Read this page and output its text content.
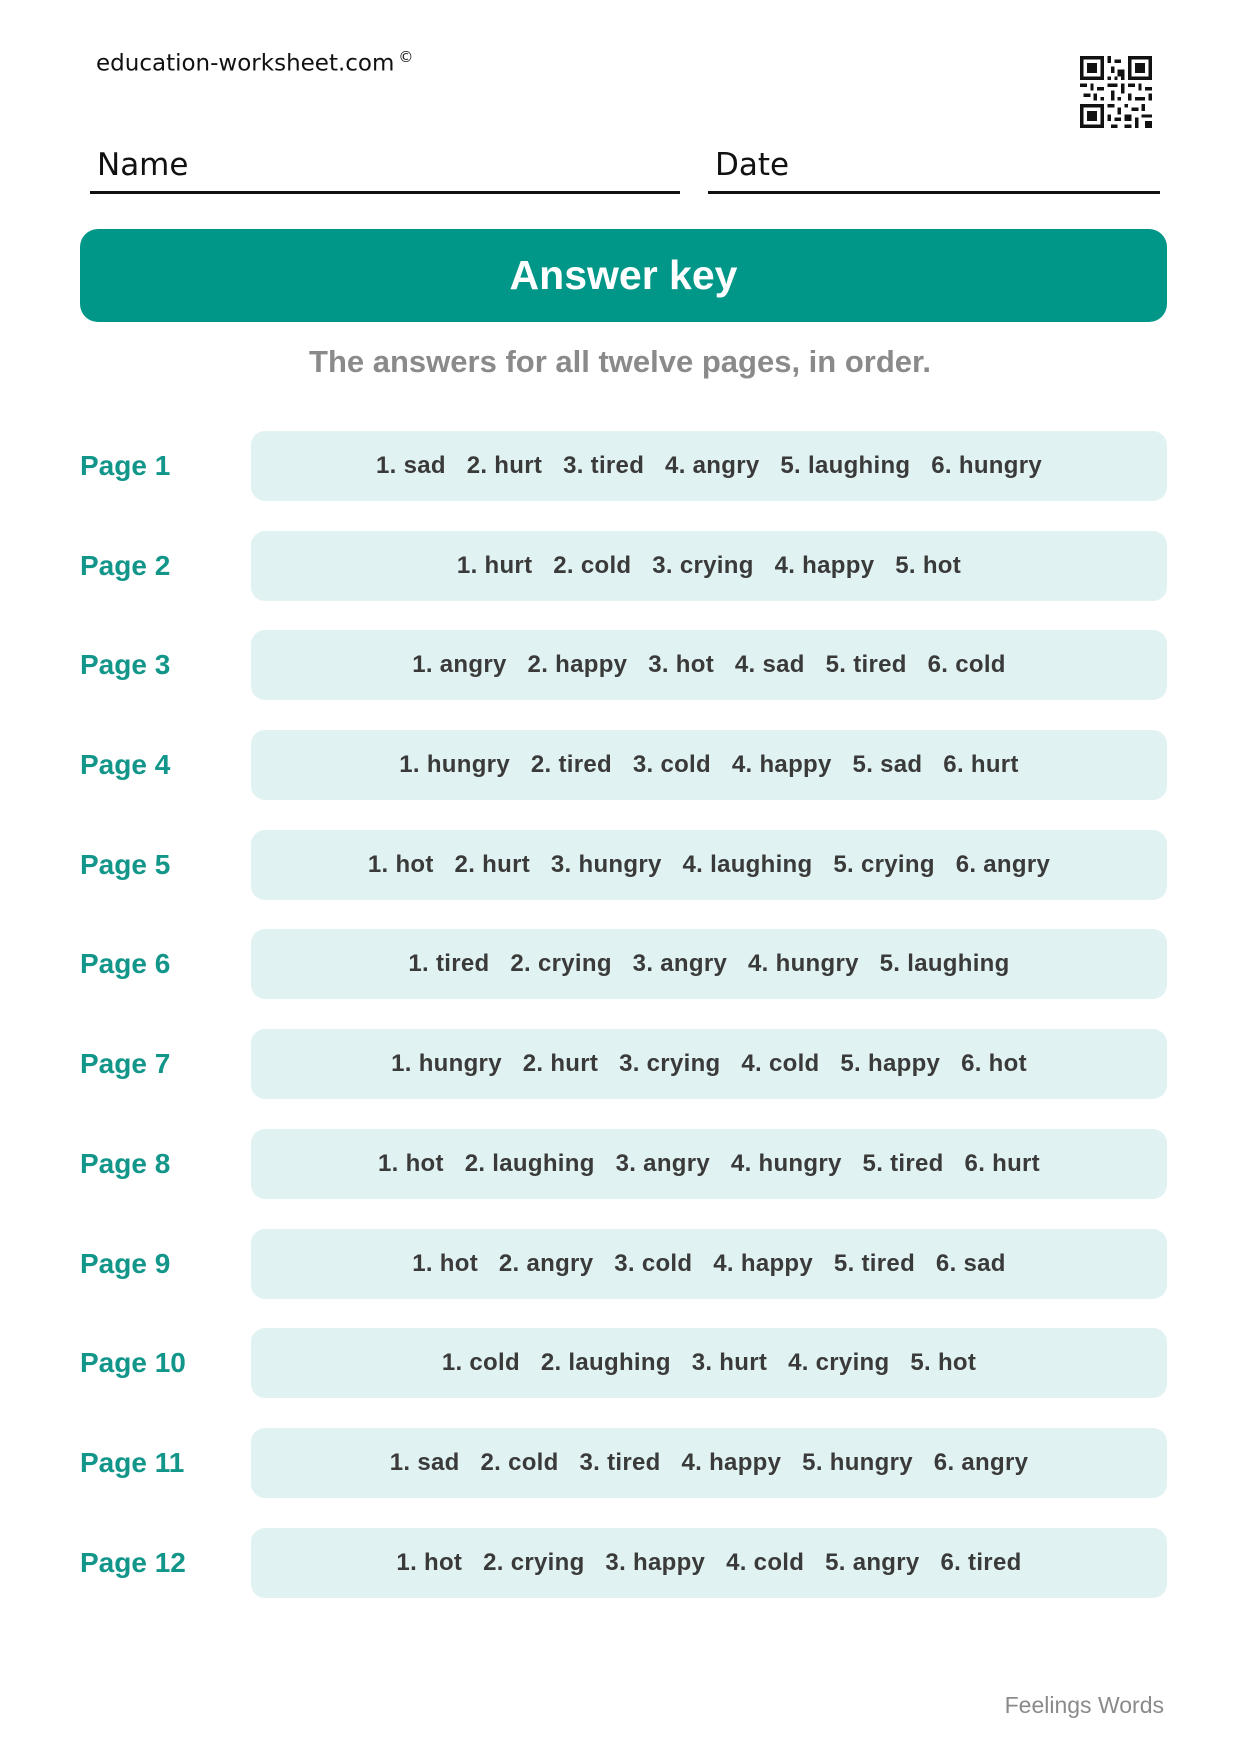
education-worksheet.com ©
Name	Date
Answer key
The answers for all twelve pages, in order.
Page 1	1. sad   2. hurt   3. tired   4. angry   5. laughing   6. hungry
Page 2	1. hurt   2. cold   3. crying   4. happy   5. hot
Page 3	1. angry   2. happy   3. hot   4. sad   5. tired   6. cold
Page 4	1. hungry   2. tired   3. cold   4. happy   5. sad   6. hurt
Page 5	1. hot   2. hurt   3. hungry   4. laughing   5. crying   6. angry
Page 6	1. tired   2. crying   3. angry   4. hungry   5. laughing
Page 7	1. hungry   2. hurt   3. crying   4. cold   5. happy   6. hot
Page 8	1. hot   2. laughing   3. angry   4. hungry   5. tired   6. hurt
Page 9	1. hot   2. angry   3. cold   4. happy   5. tired   6. sad
Page 10	1. cold   2. laughing   3. hurt   4. crying   5. hot
Page 11	1. sad   2. cold   3. tired   4. happy   5. hungry   6. angry
Page 12	1. hot   2. crying   3. happy   4. cold   5. angry   6. tired
Feelings Words
